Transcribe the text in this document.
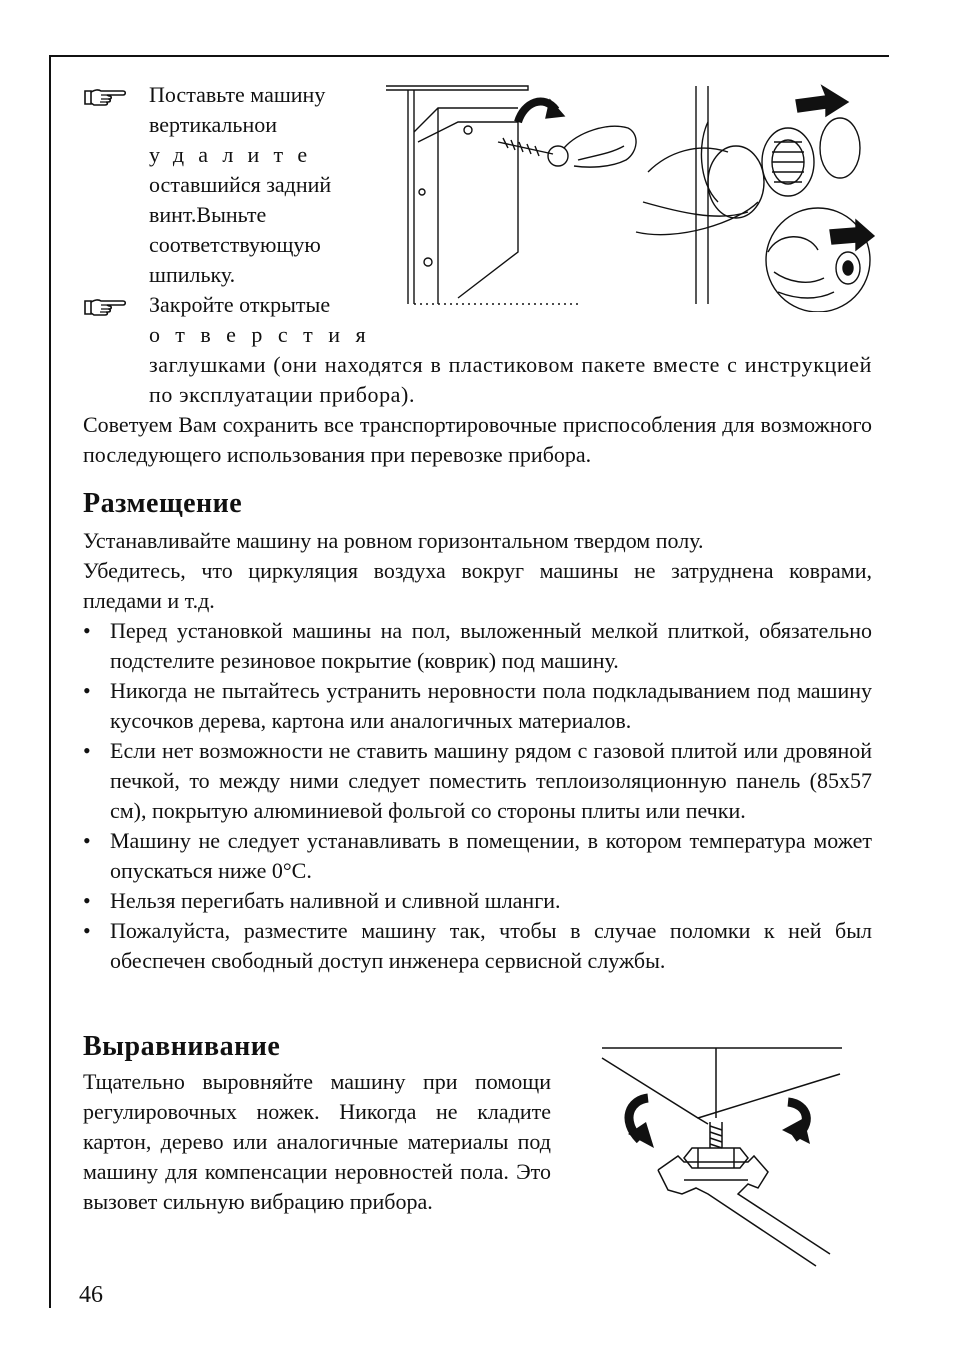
Поставьте машину
вертикальнои
удалите
оставшийся задний
винт.Выньте
соответствующую
шпильку.
Закройте открытые
отверстия
заглушками (они находятся в пластиковом пакете вместе с инструкцией по эксплуатации прибора).
Советуем Вам сохранить все транспортировочные приспособления для возможного последующего использования при перевозке прибора.
Размещение
Устанавливайте машину на ровном горизонтальном твердом полу.
Убедитесь, что циркуляция воздуха вокруг машины не затруднена коврами, пледами и т.д.
• Перед установкой машины на пол, выложенный мелкой плиткой, обязательно подстелите резиновое покрытие (коврик) под машину.
• Никогда не пытайтесь устранить неровности пола подкладыванием под машину кусочков дерева, картона или аналогичных материалов.
• Если нет возможности не ставить машину рядом с газовой плитой или дровяной печкой, то между ними следует поместить теплоизоляционную панель (85x57 см), покрытую алюминиевой фольгой со стороны плиты или печки.
• Машину не следует устанавливать в помещении, в котором температура может опускаться ниже 0°С.
• Нельзя перегибать наливной и сливной шланги.
• Пожалуйста, разместите машину так, чтобы в случае поломки к ней был обеспечен свободный доступ инженера сервисной службы.
Выравнивание
Тщательно выровняйте машину при помощи регулировочных ножек. Никогда не кладите картон, дерево или аналогичные материалы под машину для компенсации неровностей пола. Это вызовет сильную вибрацию прибора.
46
